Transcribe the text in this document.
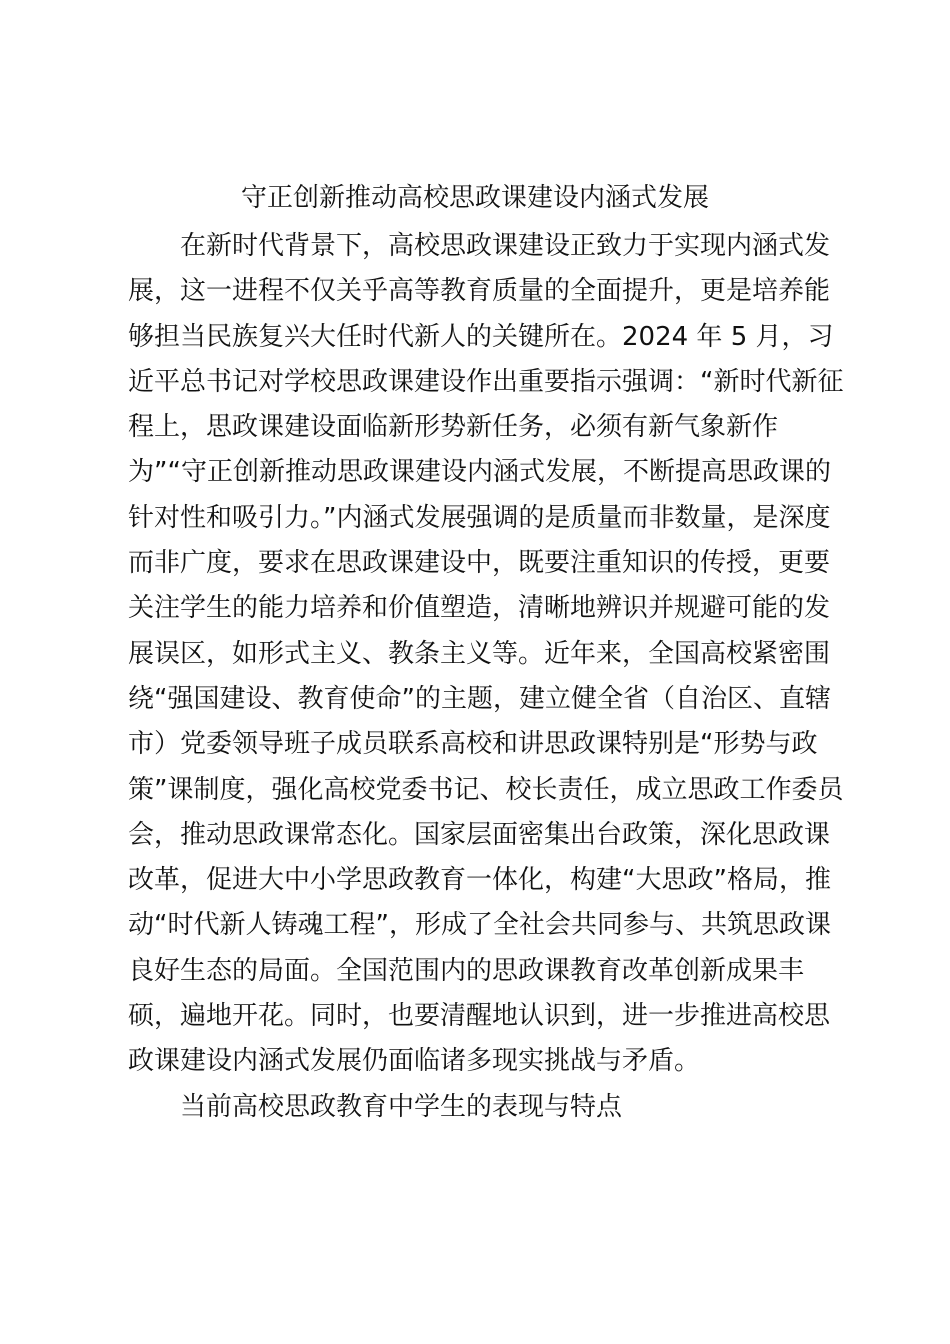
守正创新推动高校思政课建设内涵式发展
在新时代背景下，高校思政课建设正致力于实现内涵式发
展，这一进程不仅关乎高等教育质量的全面提升，更是培养能
够担当民族复兴大任时代新人的关键所在。2024 年 5 月，习
近平总书记对学校思政课建设作出重要指示强调：“新时代新征
程上，思政课建设面临新形势新任务，必须有新气象新作
为”“守正创新推动思政课建设内涵式发展，不断提高思政课的
针对性和吸引力。”内涵式发展强调的是质量而非数量，是深度
而非广度，要求在思政课建设中，既要注重知识的传授，更要
关注学生的能力培养和价值塑造，清晰地辨识并规避可能的发
展误区，如形式主义、教条主义等。近年来，全国高校紧密围
绕“强国建设、教育使命”的主题，建立健全省（自治区、直辖
市）党委领导班子成员联系高校和讲思政课特别是“形势与政
策”课制度，强化高校党委书记、校长责任，成立思政工作委员
会，推动思政课常态化。国家层面密集出台政策，深化思政课
改革，促进大中小学思政教育一体化，构建“大思政”格局，推
动“时代新人铸魂工程”，形成了全社会共同参与、共筑思政课
良好生态的局面。全国范围内的思政课教育改革创新成果丰
硕，遍地开花。同时，也要清醒地认识到，进一步推进高校思
政课建设内涵式发展仍面临诸多现实挑战与矛盾。
当前高校思政教育中学生的表现与特点
